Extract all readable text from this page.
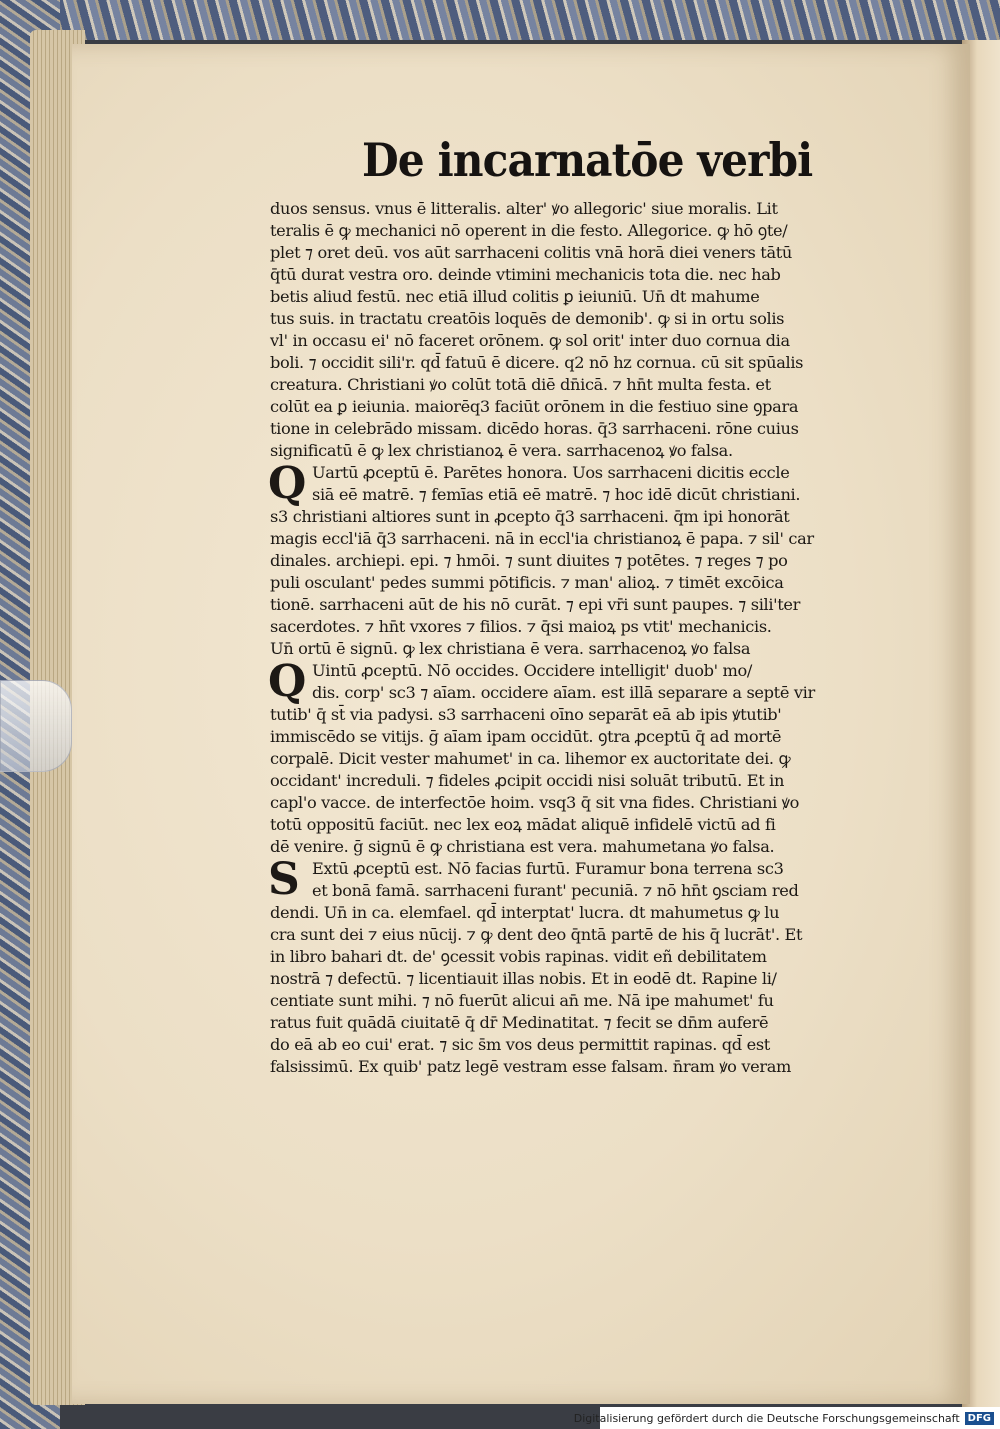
De incarnatōe verbi
duos sensus. vnus ē litteralis. alter' ꝟo allegoric' siue moralis. Lit
teralis ē ꝙ mechanici nō operent in die festo. Allegorice. ꝙ hō ꝯte/
plet ⁊ oret deū. vos aūt sarrhaceni colitis vnā horā diei veners tātū
q̄tū durat vestra oro. deinde vtimini mechanicis tota die. nec hab
betis aliud festū. nec etiā illud colitis ꝑ ieiuniū. Un̄ dt mahume
tus suis. in tractatu creatōis loquēs de demonib'. ꝙ si in ortu solis
vl' in occasu ei' nō faceret orōnem. ꝙ sol orit' inter duo cornua dia
boli. ⁊ occidit sili'r. qd̄ fatuū ē dicere. q2 nō hz cornua. cū sit spūalis
creatura. Christiani ꝟo colūt totā diē dn̄icā. ⁊ hn̄t multa festa. et
colūt ea ꝑ ieiunia. maiorēq3 faciūt orōnem in die festiuo sine ꝯpara
tione in celebrādo missam. dicēdo horas. q̄3 sarrhaceni. rōne cuius
significatū ē ꝙ lex christianoꝝ ē vera. sarrhacenoꝝ ꝟo falsa.
Q Uartū ꝓceptū ē. Parētes honora. Uos sarrhaceni dicitis eccle
siā eē matrē. ⁊ femīas etiā eē matrē. ⁊ hoc idē dicūt christiani.
s3 christiani altiores sunt in ꝓcepto q̄3 sarrhaceni. q̄m ipi honorāt
magis eccl'iā q̄3 sarrhaceni. nā in eccl'ia christianoꝝ ē papa. ⁊ sil' car
dinales. archiepi. epi. ⁊ hmōi. ⁊ sunt diuites ⁊ potētes. ⁊ reges ⁊ po
puli osculant' pedes summi pōtificis. ⁊ man' alioꝝ. ⁊ timēt excōica
tionē. sarrhaceni aūt de his nō curāt. ⁊ epi vr̄i sunt paupes. ⁊ sili'ter
sacerdotes. ⁊ hn̄t vxores ⁊ filios. ⁊ q̄si maioꝝ ps vtit' mechanicis.
Un̄ ortū ē signū. ꝙ lex christiana ē vera. sarrhacenoꝝ ꝟo falsa
Q Uintū ꝓceptū. Nō occides. Occidere intelligit' duob' mo/
dis. corp' sc3 ⁊ aīam. occidere aīam. est illā separare a septē vir
tutib' q̄ st̄ via padysi. s3 sarrhaceni oīno separāt eā ab ipis ꝟtutib'
immiscēdo se vitijs. ḡ aīam ipam occidūt. ꝯtra ꝓceptū q̄ ad mortē
corpalē. Dicit vester mahumet' in ca. lihemor ex auctoritate dei. ꝙ
occidant' increduli. ⁊ fideles ꝓcipit occidi nisi soluāt tributū. Et in
capl'o vacce. de interfectōe hoim. vsq3 q̄ sit vna fides. Christiani ꝟo
totū oppositū faciūt. nec lex eoꝝ mādat aliquē infidelē victū ad fi
dē venire. ḡ signū ē ꝙ christiana est vera. mahumetana ꝟo falsa.
S Extū ꝓceptū est. Nō facias furtū. Furamur bona terrena sc3
et bonā famā. sarrhaceni furant' pecuniā. ⁊ nō hn̄t ꝯsciam red
dendi. Un̄ in ca. elemfael. qd̄ interptat' lucra. dt mahumetus ꝙ lu
cra sunt dei ⁊ eius nūcij. ⁊ ꝙ dent deo q̄ntā partē de his q̄ lucrāt'. Et
in libro bahari dt. de' ꝯcessit vobis rapinas. vidit eñ debilitatem
nostrā ⁊ defectū. ⁊ licentiauit illas nobis. Et in eodē dt. Rapine li/
centiate sunt mihi. ⁊ nō fuerūt alicui an̄ me. Nā ipe mahumet' fu
ratus fuit quādā ciuitatē q̄ dr̄ Medinatitat. ⁊ fecit se dn̄m auferē
do eā ab eo cui' erat. ⁊ sic s̄m vos deus permittit rapinas. qd̄ est
falsissimū. Ex quib' patz legē vestram esse falsam. n̄ram ꝟo veram
Digitalisierung gefördert durch die Deutsche Forschungsgemeinschaft DFG
